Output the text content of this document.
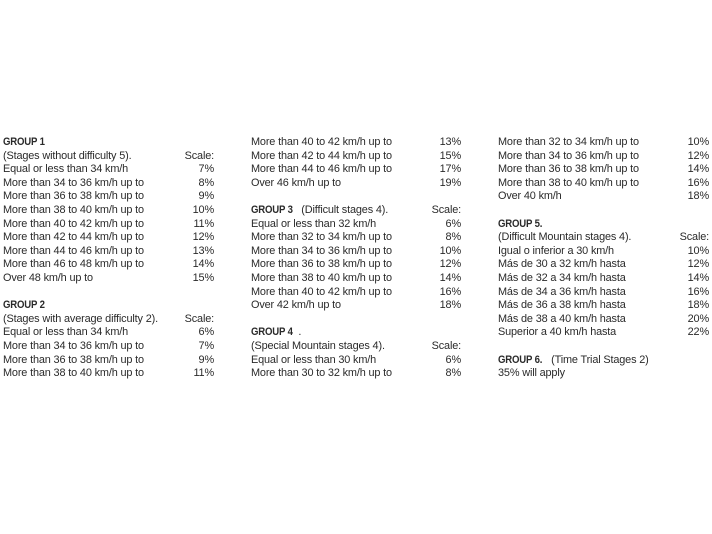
GROUP 1
(Stages without difficulty 5).	Scale:
Equal or less than 34 km/h	7%
More than 34 to 36 km/h up to	8%
More than 36 to 38 km/h up to	9%
More than 38 to 40 km/h up to	10%
More than 40 to 42 km/h up to	11%
More than 42 to 44 km/h up to	12%
More than 44 to 46 km/h up to	13%
More than 46 to 48 km/h up to	14%
Over 48 km/h up to	15%
GROUP 2
(Stages with average difficulty 2). Scale:
Equal or less than 34 km/h	6%
More than 34 to 36 km/h up to	7%
More than 36 to 38 km/h up to	9%
More than 38 to 40 km/h up to	11%
More than 40 to 42 km/h up to	13%
More than 42 to 44 km/h up to	15%
More than 44 to 46 km/h up to	17%
Over 46 km/h up to	19%
GROUP 3 (Difficult stages 4).	Scale:
Equal or less than 32 km/h	6%
More than 32 to 34 km/h up to	8%
More than 34 to 36 km/h up to	10%
More than 36 to 38 km/h up to	12%
More than 38 to 40 km/h up to	14%
More than 40 to 42 km/h up to	16%
Over 42 km/h up to	18%
GROUP 4 .
(Special Mountain stages 4).	Scale:
Equal or less than 30 km/h	6%
More than 30 to 32 km/h up to	8%
More than 32 to 34 km/h up to	10%
More than 34 to 36 km/h up to	12%
More than 36 to 38 km/h up to	14%
More than 38 to 40 km/h up to	16%
Over 40 km/h	18%
GROUP 5.
(Difficult Mountain stages 4).	Scale:
Igual o inferior a 30 km/h	10%
Más de 30 a 32 km/h hasta	12%
Más de 32 a 34 km/h hasta	14%
Más de 34 a 36 km/h hasta	16%
Más de 36 a 38 km/h hasta	18%
Más de 38 a 40 km/h hasta	20%
Superior a 40 km/h hasta	22%
GROUP 6. (Time Trial Stages 2)
35% will apply
